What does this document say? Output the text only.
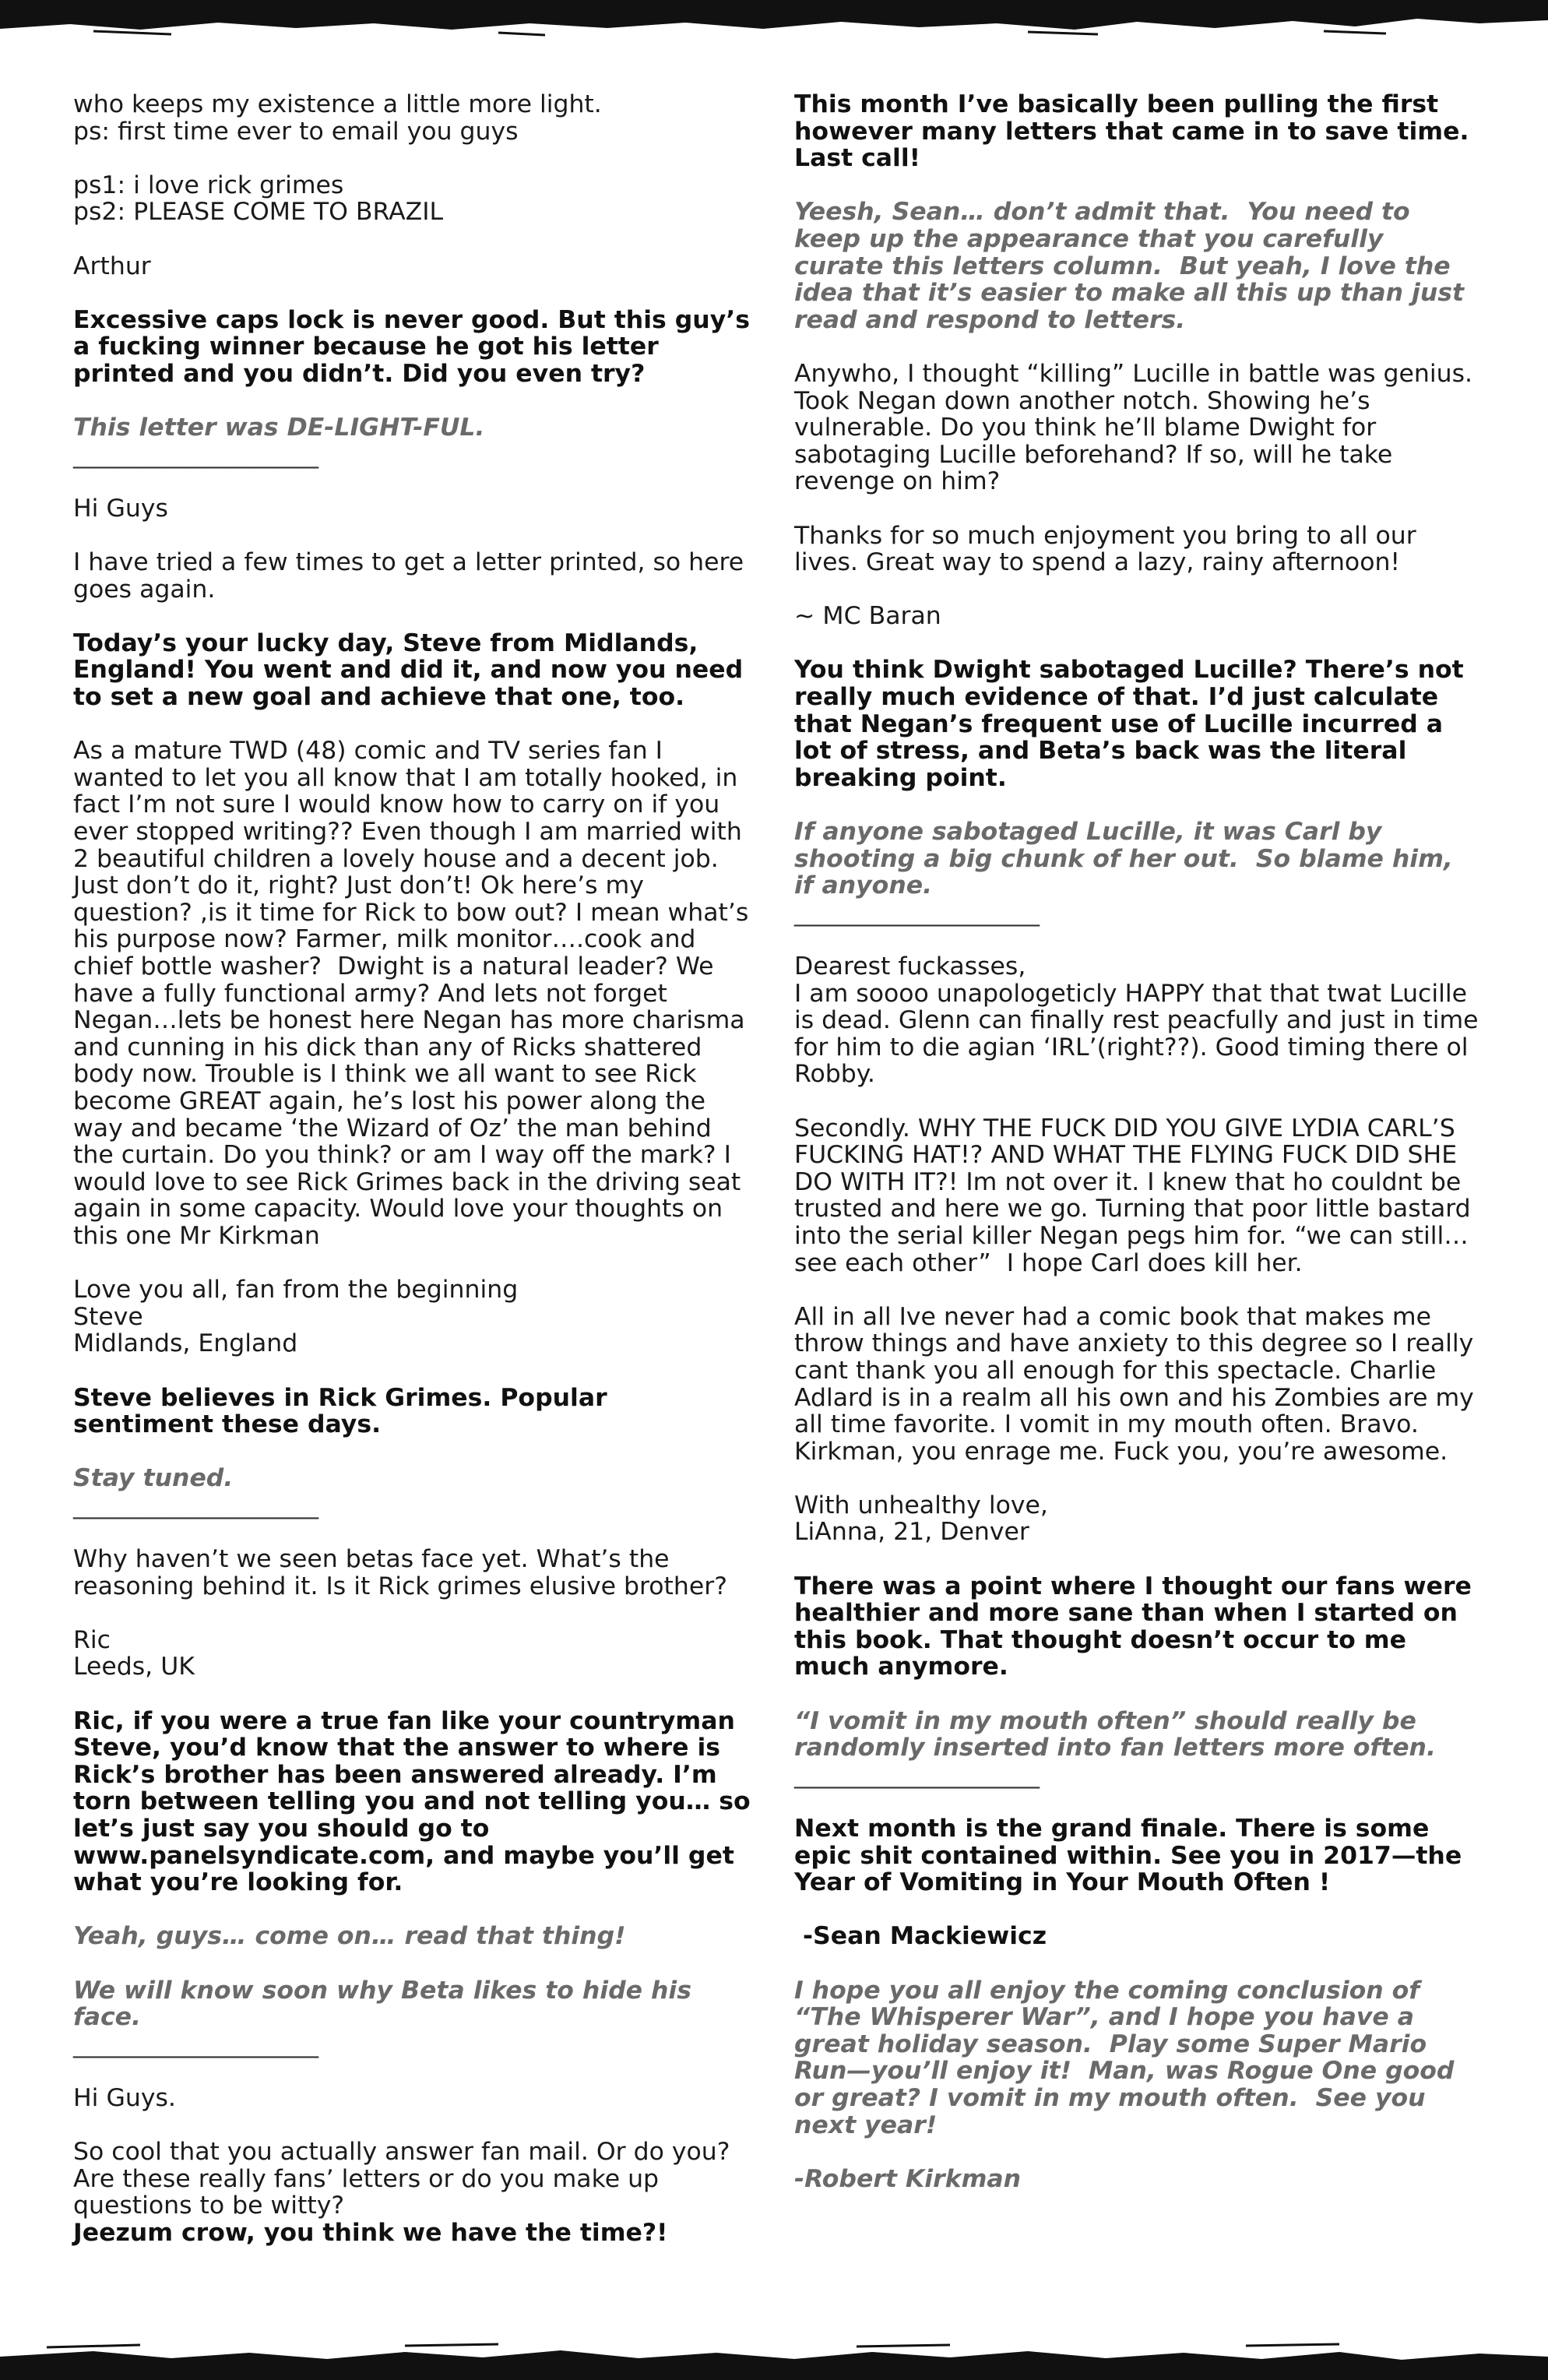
who keeps my existence a little more light.
ps: first time ever to email you guys
ps1: i love rick grimes
ps2: PLEASE COME TO BRAZIL
Arthur
Excessive caps lock is never good. But this guy’s a fucking winner because he got his letter printed and you didn’t. Did you even try?
This letter was DE-LIGHT-FUL.
____________________
Hi Guys
I have tried a few times to get a letter printed, so here goes again.
Today’s your lucky day, Steve from Midlands, England! You went and did it, and now you need to set a new goal and achieve that one, too.
As a mature TWD (48) comic and TV series fan I wanted to let you all know that I am totally hooked, in fact I’m not sure I would know how to carry on if you ever stopped writing?? Even though I am married with 2 beautiful children a lovely house and a decent job. Just don’t do it, right? Just don’t! Ok here’s my question? ,is it time for Rick to bow out? I mean what’s his purpose now? Farmer, milk monitor….cook and chief bottle washer?  Dwight is a natural leader? We have a fully functional army? And lets not forget Negan…lets be honest here Negan has more charisma and cunning in his dick than any of Ricks shattered body now. Trouble is I think we all want to see Rick become GREAT again, he’s lost his power along the way and became ‘the Wizard of Oz’ the man behind the curtain. Do you think? or am I way off the mark? I would love to see Rick Grimes back in the driving seat again in some capacity. Would love your thoughts on this one Mr Kirkman
Love you all, fan from the beginning
Steve
Midlands, England
Steve believes in Rick Grimes. Popular sentiment these days.
Stay tuned.
____________________
Why haven’t we seen betas face yet. What’s the reasoning behind it. Is it Rick grimes elusive brother?
Ric
Leeds, UK
Ric, if you were a true fan like your countryman Steve, you’d know that the answer to where is Rick’s brother has been answered already. I’m torn between telling you and not telling you… so let’s just say you should go to www.panelsyndicate.com, and maybe you’ll get what you’re looking for.
Yeah, guys… come on… read that thing!
We will know soon why Beta likes to hide his face.
____________________
Hi Guys.
So cool that you actually answer fan mail. Or do you? Are these really fans’ letters or do you make up questions to be witty?
Jeezum crow, you think we have the time?!
This month I’ve basically been pulling the first however many letters that came in to save time. Last call!
Yeesh, Sean… don’t admit that.  You need to keep up the appearance that you carefully curate this letters column.  But yeah, I love the idea that it’s easier to make all this up than just read and respond to letters.
Anywho, I thought “killing” Lucille in battle was genius. Took Negan down another notch. Showing he’s vulnerable. Do you think he’ll blame Dwight for sabotaging Lucille beforehand? If so, will he take revenge on him?
Thanks for so much enjoyment you bring to all our lives. Great way to spend a lazy, rainy afternoon!
~ MC Baran
You think Dwight sabotaged Lucille? There’s not really much evidence of that. I’d just calculate that Negan’s frequent use of Lucille incurred a lot of stress, and Beta’s back was the literal breaking point.
If anyone sabotaged Lucille, it was Carl by shooting a big chunk of her out.  So blame him, if anyone.
____________________
Dearest fuckasses,
I am soooo unapologeticly HAPPY that that twat Lucille is dead. Glenn can finally rest peacfully and just in time for him to die agian ‘IRL’(right??). Good timing there ol Robby.
Secondly. WHY THE FUCK DID YOU GIVE LYDIA CARL’S FUCKING HAT!? AND WHAT THE FLYING FUCK DID SHE DO WITH IT?! Im not over it. I knew that ho couldnt be trusted and here we go. Turning that poor little bastard into the serial killer Negan pegs him for. “we can still…see each other”  I hope Carl does kill her.
All in all Ive never had a comic book that makes me throw things and have anxiety to this degree so I really cant thank you all enough for this spectacle. Charlie Adlard is in a realm all his own and his Zombies are my all time favorite. I vomit in my mouth often. Bravo. Kirkman, you enrage me. Fuck you, you’re awesome.
With unhealthy love,
LiAnna, 21, Denver
There was a point where I thought our fans were healthier and more sane than when I started on this book. That thought doesn’t occur to me much anymore.
“I vomit in my mouth often” should really be randomly inserted into fan letters more often.
____________________
Next month is the grand finale. There is some epic shit contained within. See you in 2017—the Year of Vomiting in Your Mouth Often !
-Sean Mackiewicz
I hope you all enjoy the coming conclusion of “The Whisperer War”, and I hope you have a great holiday season.  Play some Super Mario Run—you’ll enjoy it!  Man, was Rogue One good or great? I vomit in my mouth often.  See you next year!
-Robert Kirkman
